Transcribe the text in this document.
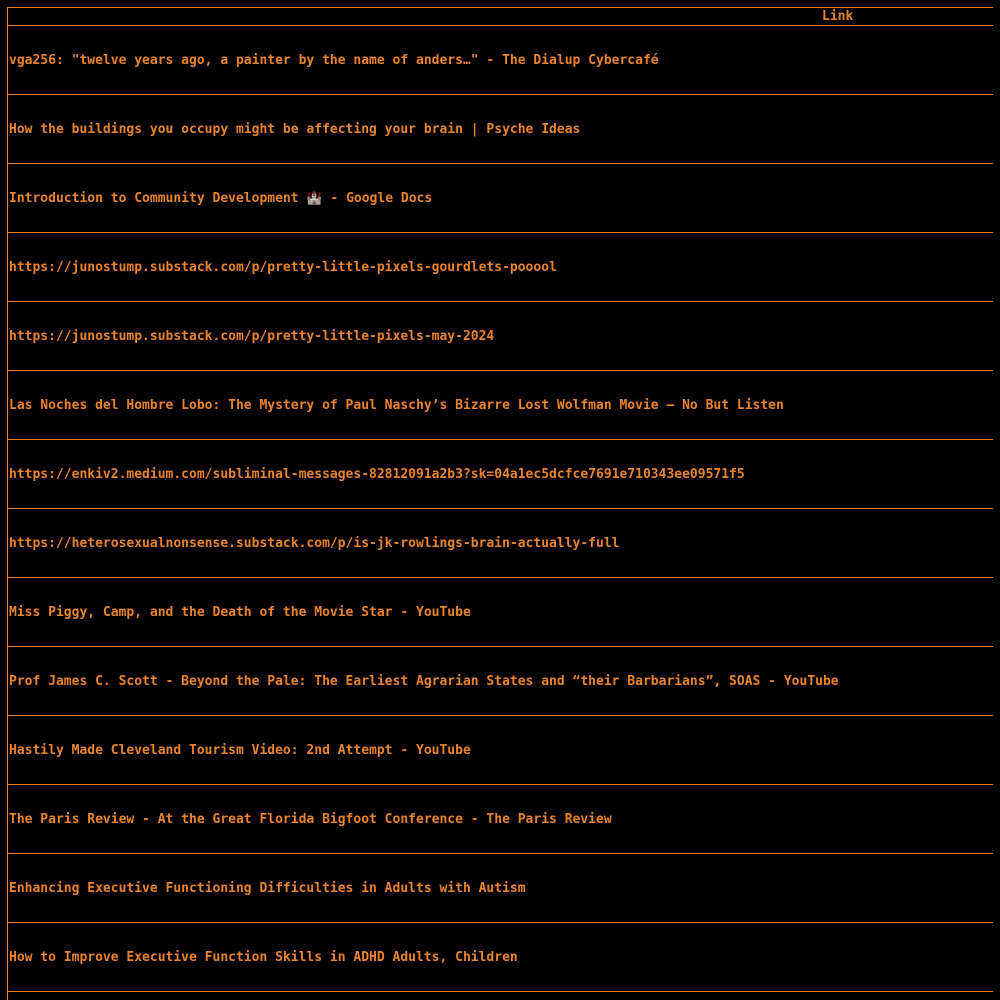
Link
vga256: "twelve years ago, a painter by the name of anders…" - The Dialup Cybercafé
How the buildings you occupy might be affecting your brain | Psyche Ideas
Introduction to Community Development 🏰 - Google Docs
https://junostump.substack.com/p/pretty-little-pixels-gourdlets-pooool
https://junostump.substack.com/p/pretty-little-pixels-may-2024
Las Noches del Hombre Lobo: The Mystery of Paul Naschy’s Bizarre Lost Wolfman Movie – No But Listen
https://enkiv2.medium.com/subliminal-messages-82812091a2b3?sk=04a1ec5dcfce7691e710343ee09571f5
https://heterosexualnonsense.substack.com/p/is-jk-rowlings-brain-actually-full
Miss Piggy, Camp, and the Death of the Movie Star - YouTube
Prof James C. Scott - Beyond the Pale: The Earliest Agrarian States and “their Barbarians”, SOAS - YouTube
Hastily Made Cleveland Tourism Video: 2nd Attempt - YouTube
The Paris Review - At the Great Florida Bigfoot Conference - The Paris Review
Enhancing Executive Functioning Difficulties in Adults with Autism
How to Improve Executive Function Skills in ADHD Adults, Children
